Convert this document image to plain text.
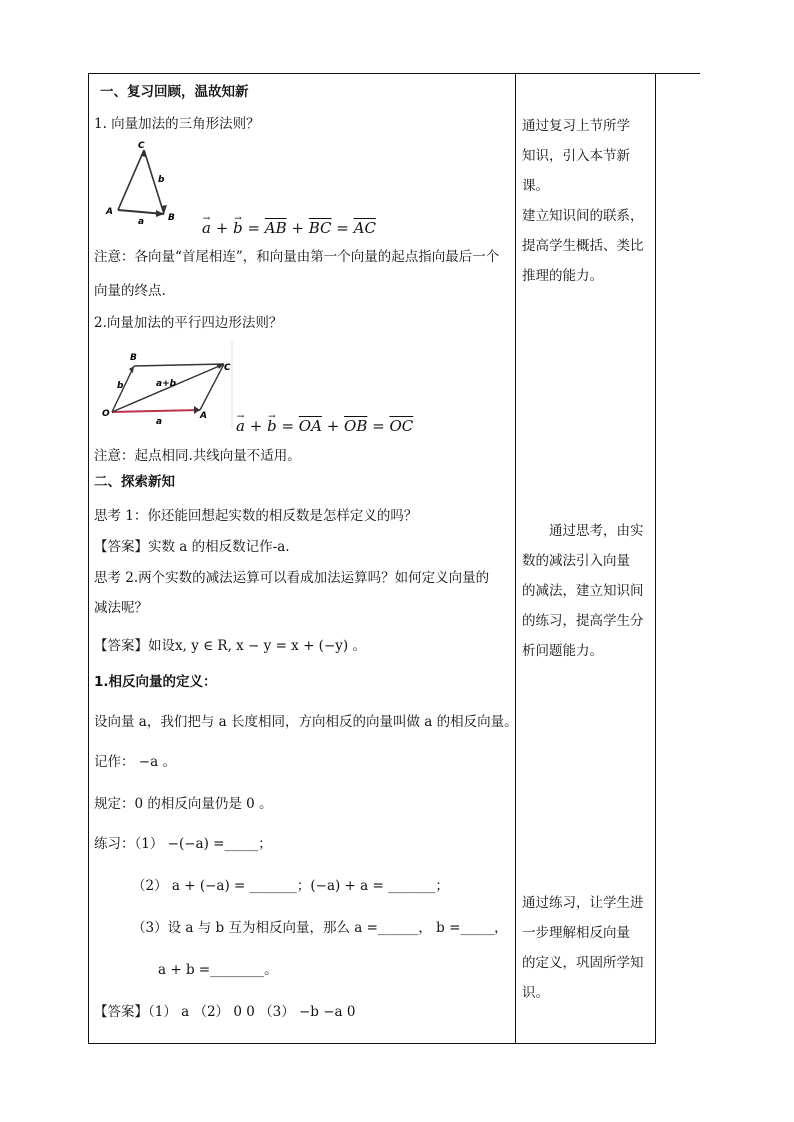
一、复习回顾，温故知新
1. 向量加法的三角形法则？
C
b
A
a	B
→ a + → $b = \overline{AB} + \overline{BC} = \overline{AC}$
注意：各向量“首尾相连”，和向量由第一个向量的起点指向最后一个
向量的终点.
2.向量加法的平行四边形法则？
B
C
b	a+b
O	A
a	→ a + → $b = \overline{OA} + \overline{OB} = \overline{OC}$
注意：起点相同.共线向量不适用。
二、探索新知
思考 1：你还能回想起实数的相反数是怎样定义的吗？
【答案】实数 a 的相反数记作-a.
思考 2.两个实数的减法运算可以看成加法运算吗？如何定义向量的
减法呢？
【答案】如设x, y ∈ R, x − y = x + (−y) 。
1.相反向量的定义：
设向量 a，我们把与 a 长度相同，方向相反的向量叫做 a 的相反向量。
记作： −a 。
规定：0 的相反向量仍是 0 。
练习：（1） −(−a) =_____；
（2） a + (−a) = _______；(−a) + a = _______；
（3）设 a 与 b 互为相反向量，那么 a =______， b =_____，
a + b =________。
【答案】（1） a （2） 0 0 （3） −b −a 0
通过复习上节所学
知识，引入本节新课。
建立知识间的联系，
提高学生概括、类比
推理的能力。
　　通过思考，由实
数的减法引入向量
的减法，建立知识间
的练习，提高学生分
析问题能力。
通过练习，让学生进
一步理解相反向量
的定义，巩固所学知
识。
